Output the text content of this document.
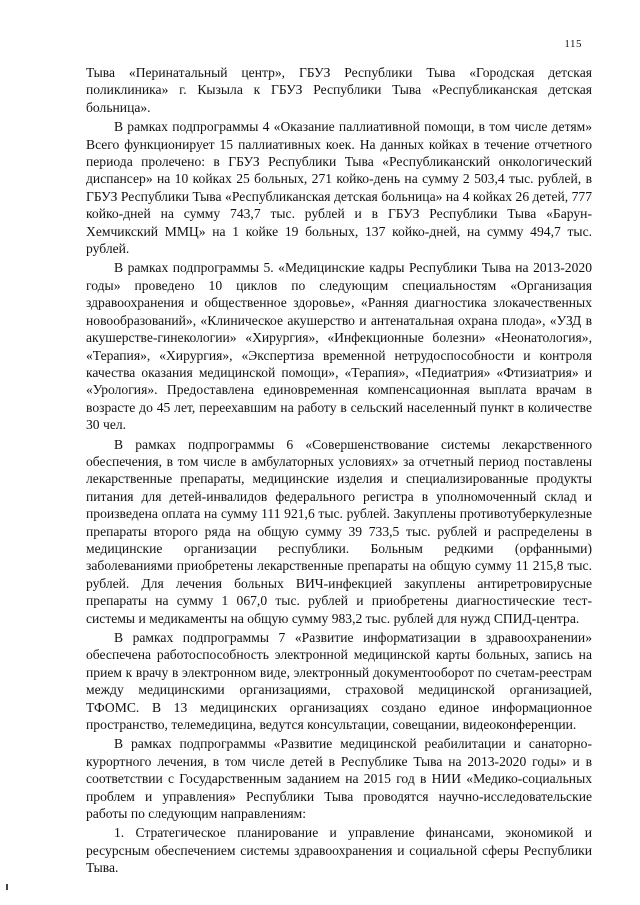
115

Тыва «Перинатальный центр», ГБУЗ Республики Тыва «Городская детская поликлиника» г. Кызыла к ГБУЗ Республики Тыва «Республиканская детская больница».

В рамках подпрограммы 4 «Оказание паллиативной помощи, в том числе детям» Всего функционирует 15 паллиативных коек. На данных койках в течение отчетного периода пролечено: в ГБУЗ Республики Тыва «Республиканский онкологический диспансер» на 10 койках 25 больных, 271 койко-день на сумму 2 503,4 тыс. рублей, в ГБУЗ Республики Тыва «Республиканская детская больница» на 4 койках 26 детей, 777 койко-дней на сумму 743,7 тыс. рублей и в ГБУЗ Республики Тыва «Барун-Хемчикский ММЦ» на 1 койке 19 больных, 137 койко-дней, на сумму 494,7 тыс. рублей.

В рамках подпрограммы 5. «Медицинские кадры Республики Тыва на 2013-2020 годы» проведено 10 циклов по следующим специальностям «Организация здравоохранения и общественное здоровье», «Ранняя диагностика злокачественных новообразований», «Клиническое акушерство и антенатальная охрана плода», «УЗД в акушерстве-гинекологии» «Хирургия», «Инфекционные болезни» «Неонатология», «Терапия», «Хирургия», «Экспертиза временной нетрудоспособности и контроля качества оказания медицинской помощи», «Терапия», «Педиатрия» «Фтизиатрия» и «Урология». Предоставлена единовременная компенсационная выплата врачам в возрасте до 45 лет, переехавшим на работу в сельский населенный пункт в количестве 30 чел.

В рамках подпрограммы 6 «Совершенствование системы лекарственного обеспечения, в том числе в амбулаторных условиях» за отчетный период поставлены лекарственные препараты, медицинские изделия и специализированные продукты питания для детей-инвалидов федерального регистра в уполномоченный склад и произведена оплата на сумму 111 921,6 тыс. рублей. Закуплены противотуберкулезные препараты второго ряда на общую сумму 39 733,5 тыс. рублей и распределены в медицинские организации республики. Больным редкими (орфанными) заболеваниями приобретены лекарственные препараты на общую сумму 11 215,8 тыс. рублей. Для лечения больных ВИЧ-инфекцией закуплены антиретровирусные препараты на сумму 1 067,0 тыс. рублей и приобретены диагностические тест-системы и медикаменты на общую сумму 983,2 тыс. рублей для нужд СПИД-центра.

В рамках подпрограммы 7 «Развитие информатизации в здравоохранении» обеспечена работоспособность электронной медицинской карты больных, запись на прием к врачу в электронном виде, электронный документооборот по счетам-реестрам между медицинскими организациями, страховой медицинской организацией, ТФОМС. В 13 медицинских организациях создано единое информационное пространство, телемедицина, ведутся консультации, совещании, видеоконференции.

В рамках подпрограммы «Развитие медицинской реабилитации и санаторно-курортного лечения, в том числе детей в Республике Тыва на 2013-2020 годы» и в соответствии с Государственным заданием на 2015 год в НИИ «Медико-социальных проблем и управления» Республики Тыва проводятся научно-исследовательские работы по следующим направлениям:

1. Стратегическое планирование и управление финансами, экономикой и ресурсным обеспечением системы здравоохранения и социальной сферы Республики Тыва.
